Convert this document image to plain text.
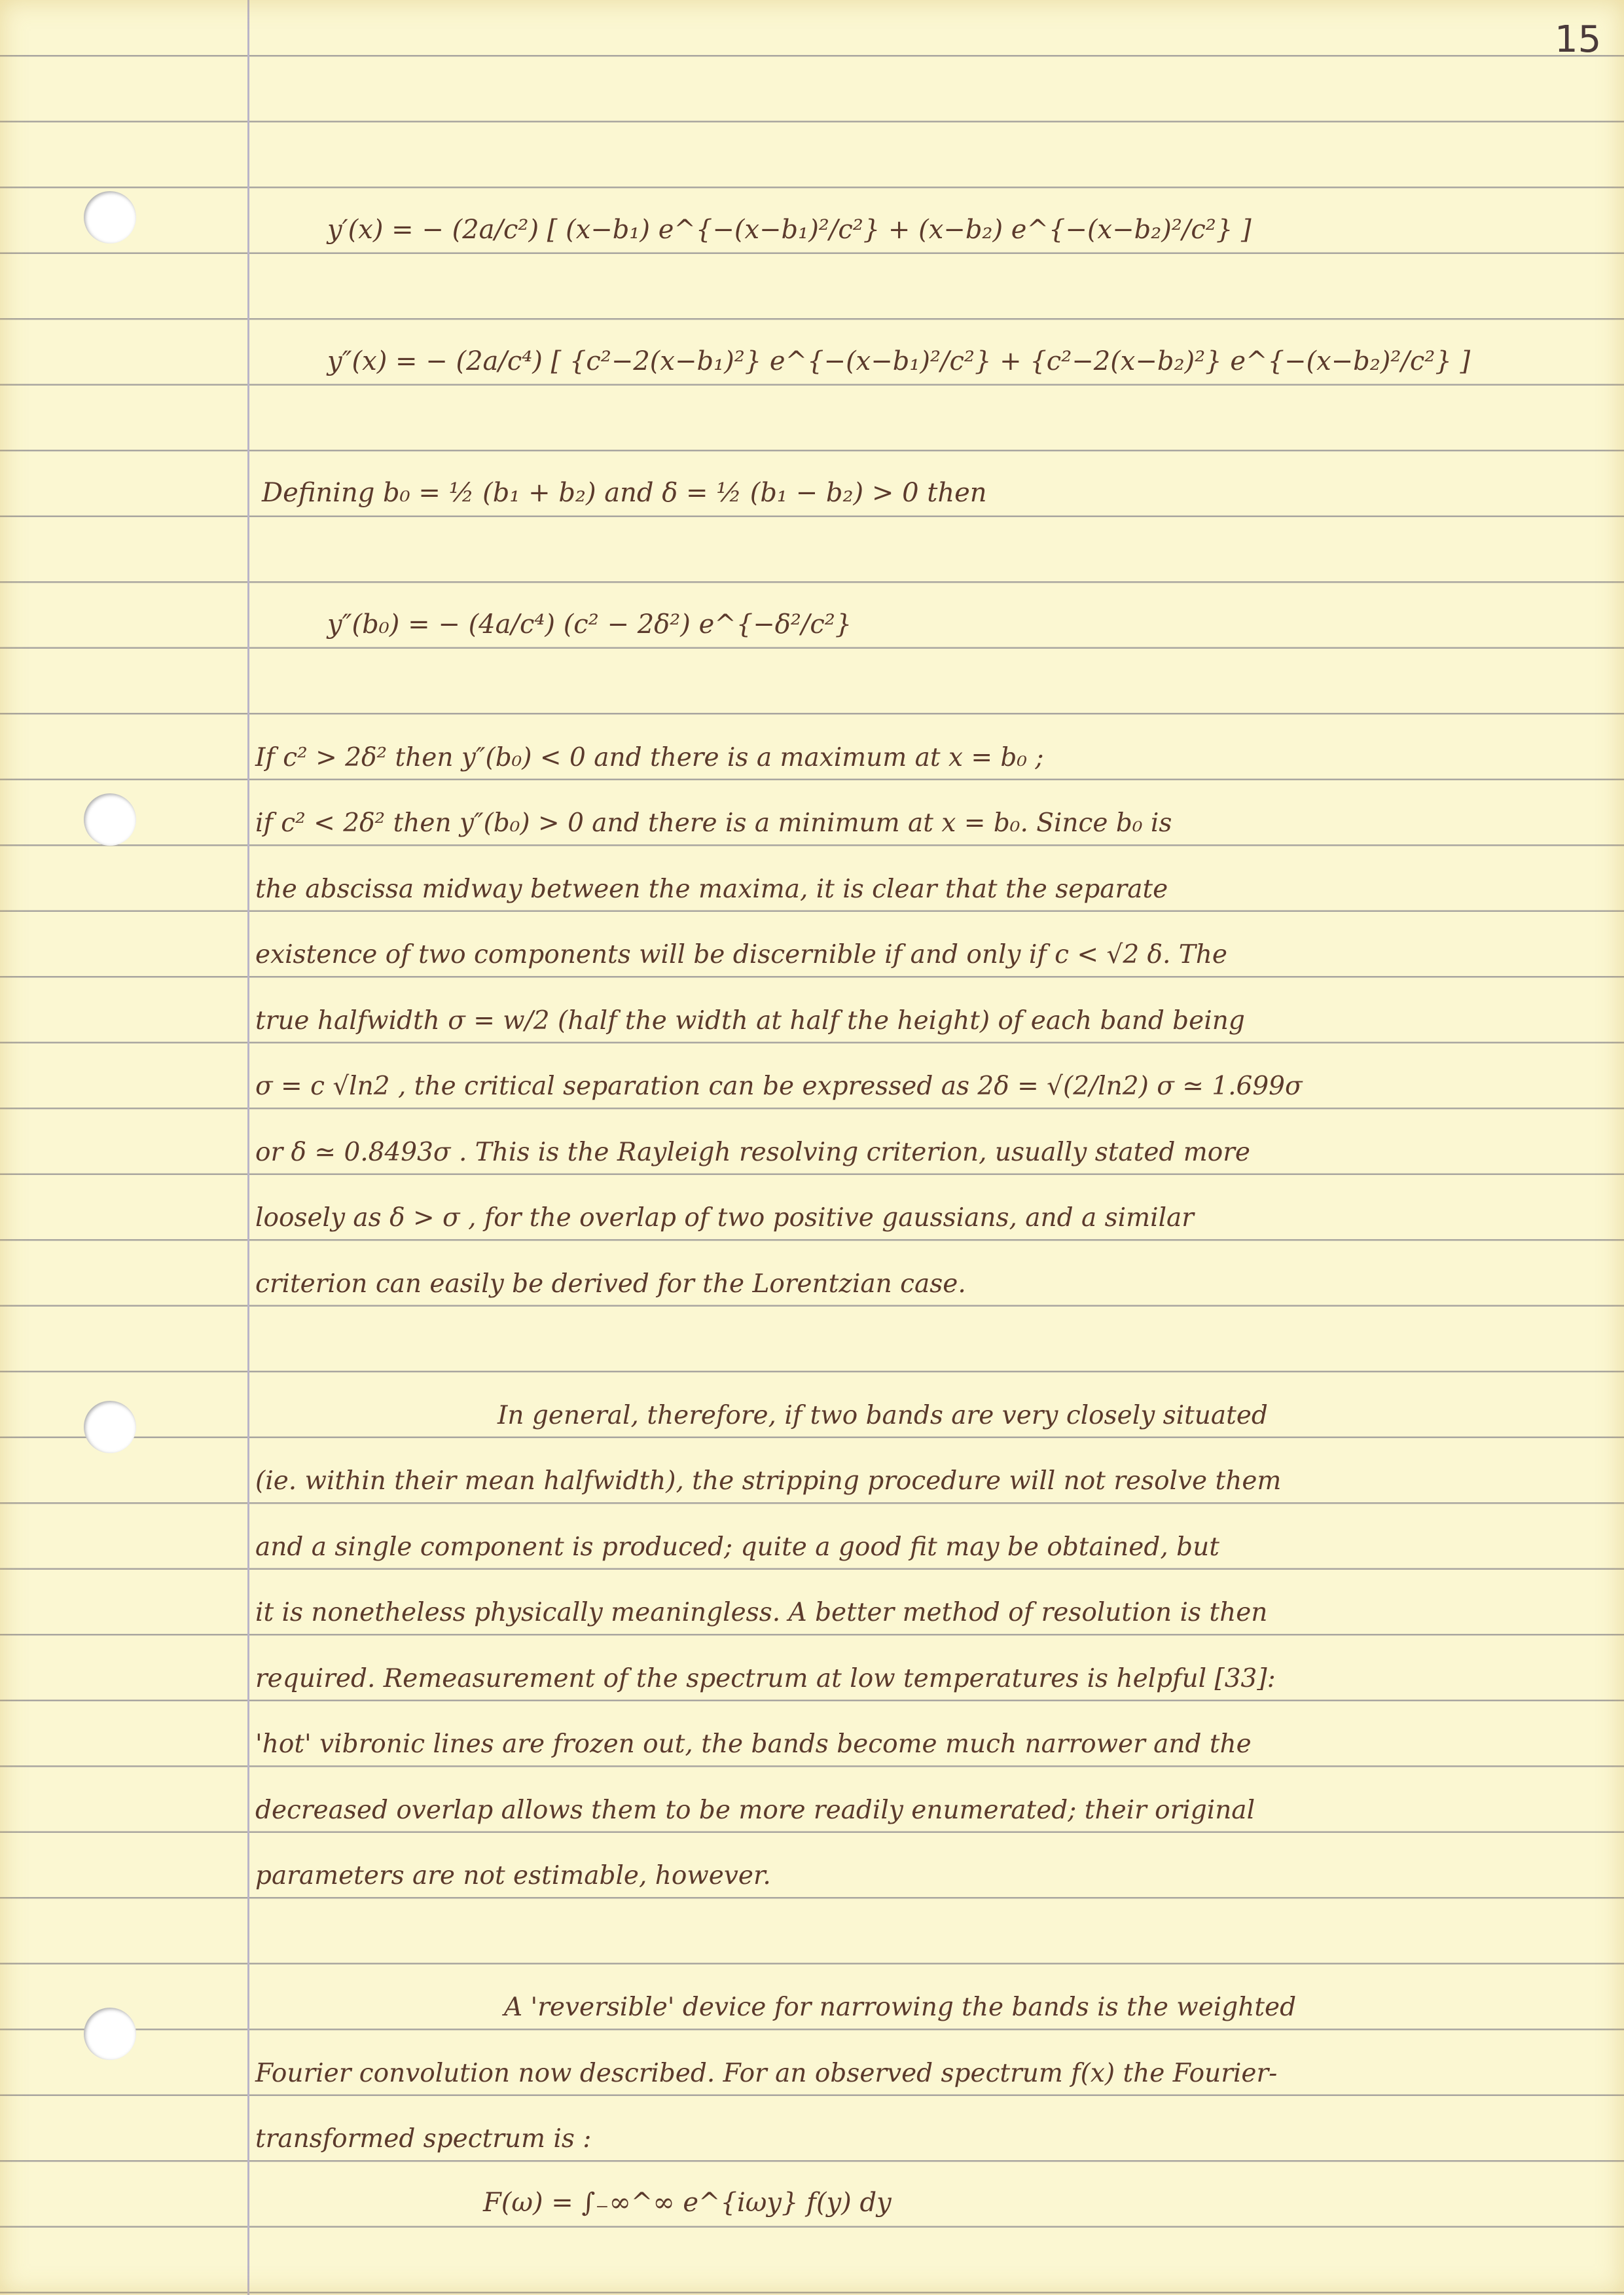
15
y′(x) = − (2a/c²) [ (x−b₁) e^{−(x−b₁)²/c²} + (x−b₂) e^{−(x−b₂)²/c²} ]
y″(x) = − (2a/c⁴) [ {c²−2(x−b₁)²} e^{−(x−b₁)²/c²} + {c²−2(x−b₂)²} e^{−(x−b₂)²/c²} ]
Defining b₀ = ½ (b₁ + b₂) and δ = ½ (b₁ − b₂) > 0 then
y″(b₀) = − (4a/c⁴) (c² − 2δ²) e^{−δ²/c²}
If c² > 2δ² then y″(b₀) < 0 and there is a maximum at x = b₀ ;
if c² < 2δ² then y″(b₀) > 0 and there is a minimum at x = b₀. Since b₀ is
the abscissa midway between the maxima, it is clear that the separate
existence of two components will be discernible if and only if c < √2 δ. The
true halfwidth σ = w/2 (half the width at half the height) of each band being
σ = c √ln2 , the critical separation can be expressed as 2δ = √(2/ln2) σ ≃ 1.699σ
or δ ≃ 0.8493σ . This is the Rayleigh resolving criterion, usually stated more
loosely as δ > σ , for the overlap of two positive gaussians, and a similar
criterion can easily be derived for the Lorentzian case.
In general, therefore, if two bands are very closely situated
(ie. within their mean halfwidth), the stripping procedure will not resolve them
and a single component is produced; quite a good fit may be obtained, but
it is nonetheless physically meaningless. A better method of resolution is then
required. Remeasurement of the spectrum at low temperatures is helpful [33]:
'hot' vibronic lines are frozen out, the bands become much narrower and the
decreased overlap allows them to be more readily enumerated; their original
parameters are not estimable, however.
A 'reversible' device for narrowing the bands is the weighted
Fourier convolution now described. For an observed spectrum f(x) the Fourier-
transformed spectrum is :
F(ω) = ∫₋∞^∞ e^{iωy} f(y) dy
